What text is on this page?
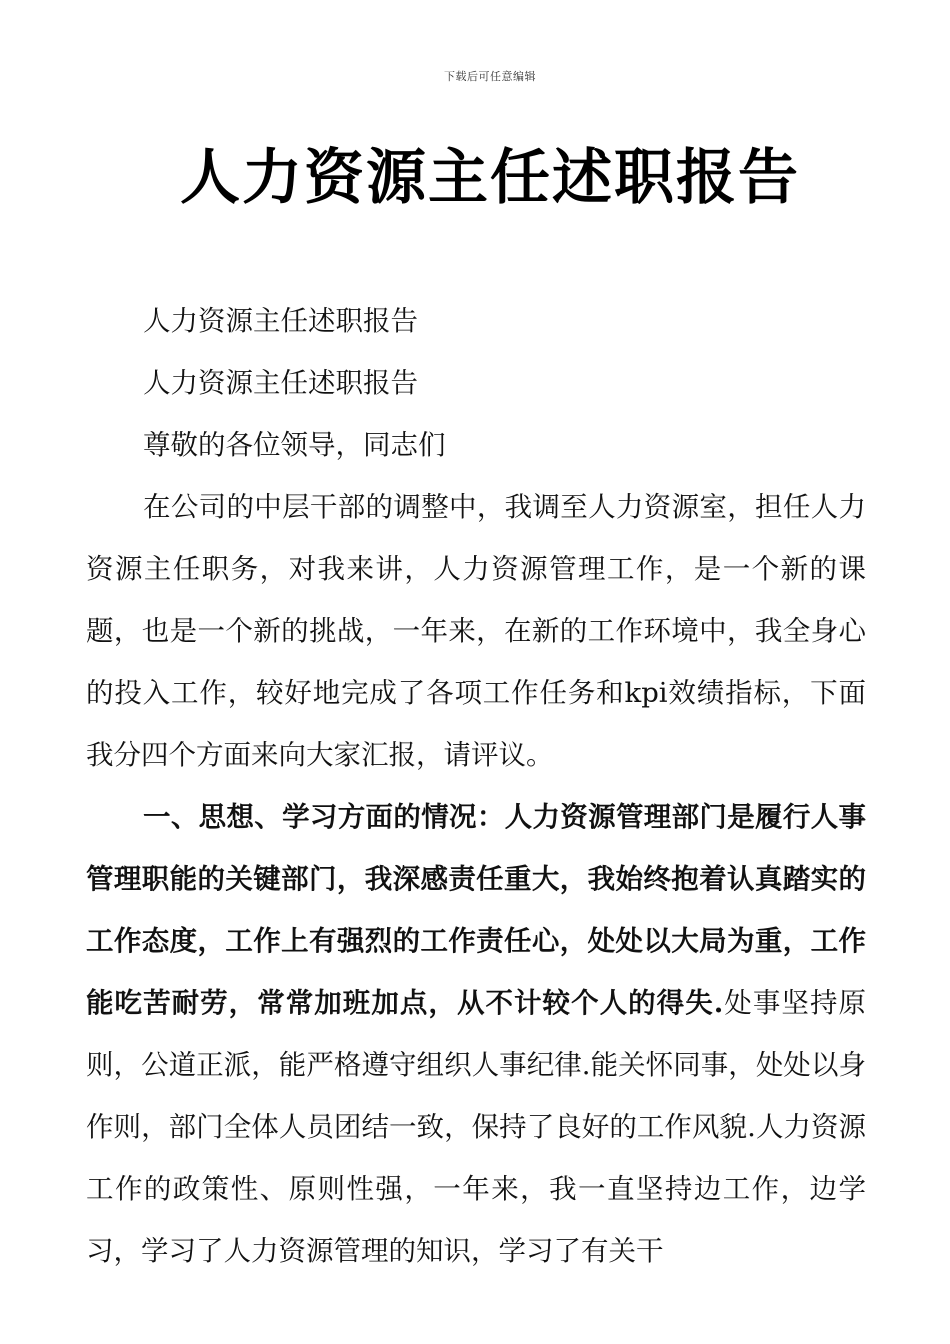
下载后可任意编辑
人力资源主任述职报告

人力资源主任述职报告

人力资源主任述职报告

尊敬的各位领导，同志们

在公司的中层干部的调整中，我调至人力资源室，担任人力资源主任职务，对我来讲，人力资源管理工作，是一个新的课题，也是一个新的挑战，一年来，在新的工作环境中，我全身心的投入工作，较好地完成了各项工作任务和kpi效绩指标，下面我分四个方面来向大家汇报，请评议。

一、思想、学习方面的情况：人力资源管理部门是履行人事管理职能的关键部门，我深感责任重大，我始终抱着认真踏实的工作态度，工作上有强烈的工作责任心，处处以大局为重，工作能吃苦耐劳，常常加班加点，从不计较个人的得失.处事坚持原则，公道正派，能严格遵守组织人事纪律.能关怀同事，处处以身作则，部门全体人员团结一致，保持了良好的工作风貌.人力资源工作的政策性、原则性强，一年来，我一直坚持边工作，边学习，学习了人力资源管理的知识，学习了有关干
